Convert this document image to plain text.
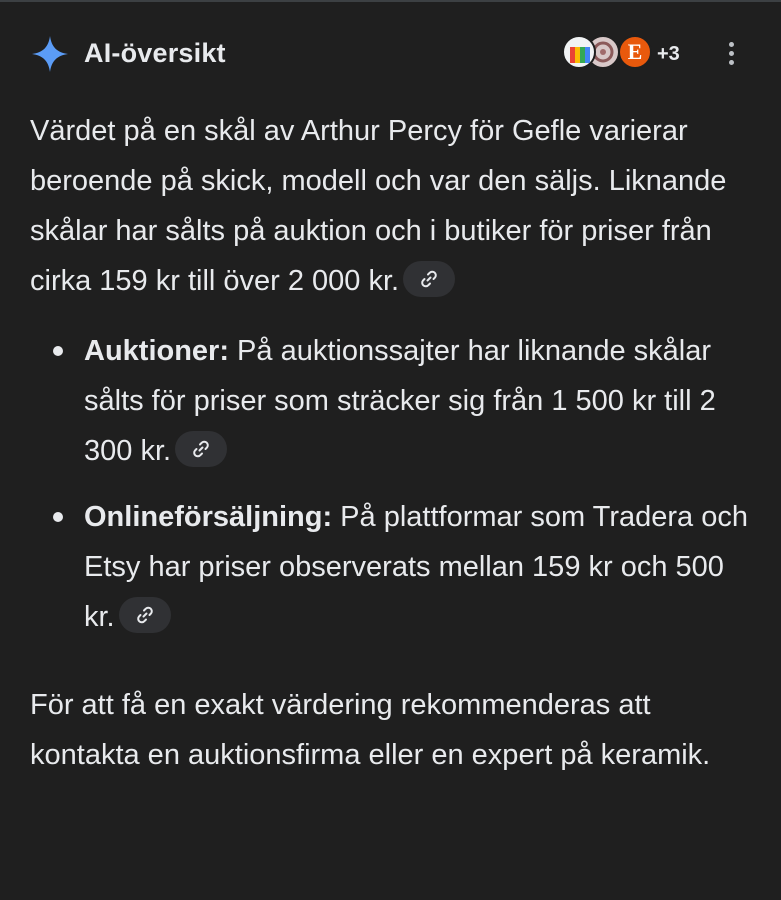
AI-översikt	E +3

Värdet på en skål av Arthur Percy för Gefle varierar beroende på skick, modell och var den säljs. Liknande skålar har sålts på auktion och i butiker för priser från cirka 159 kr till över 2 000 kr.

Auktioner: På auktionssajter har liknande skålar sålts för priser som sträcker sig från 1 500 kr till 2 300 kr.
Onlineförsäljning: På plattformar som Tradera och Etsy har priser observerats mellan 159 kr och 500 kr.

För att få en exakt värdering rekommenderas att kontakta en auktionsfirma eller en expert på keramik.
